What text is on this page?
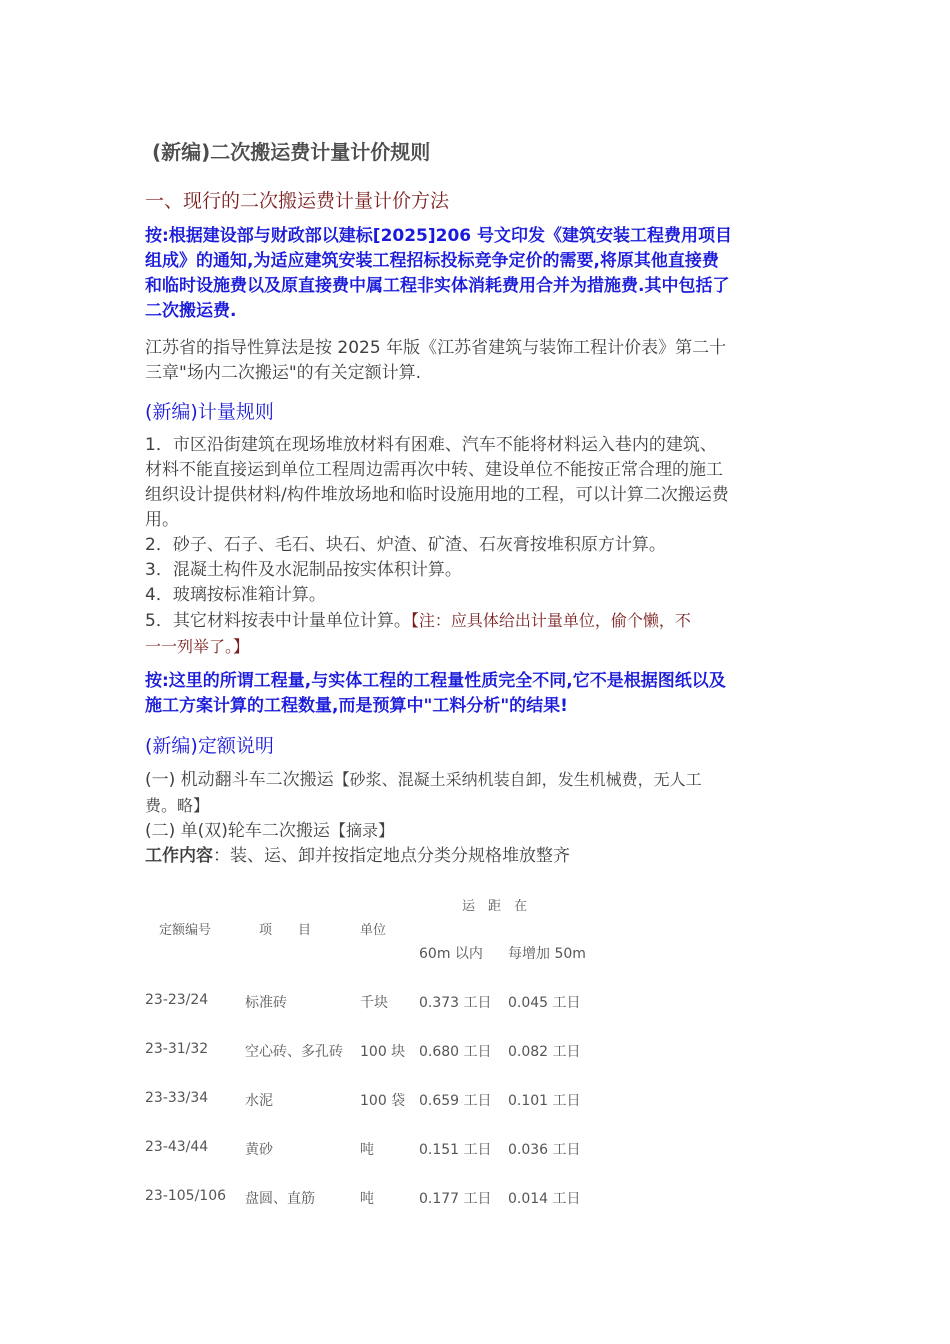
(新编)二次搬运费计量计价规则
一、现行的二次搬运费计量计价方法
按:根据建设部与财政部以建标[2025]206 号文印发《建筑安装工程费用项目
组成》的通知,为适应建筑安装工程招标投标竞争定价的需要,将原其他直接费
和临时设施费以及原直接费中属工程非实体消耗费用合并为措施费.其中包括了
二次搬运费.
江苏省的指导性算法是按 2025 年版《江苏省建筑与装饰工程计价表》第二十
三章"场内二次搬运"的有关定额计算.
(新编)计量规则
1．市区沿街建筑在现场堆放材料有困难、汽车不能将材料运入巷内的建筑、
材料不能直接运到单位工程周边需再次中转、建设单位不能按正常合理的施工
组织设计提供材料/构件堆放场地和临时设施用地的工程，可以计算二次搬运费
用。
2．砂子、石子、毛石、块石、炉渣、矿渣、石灰膏按堆积原方计算。
3．混凝土构件及水泥制品按实体积计算。
4．玻璃按标准箱计算。
5．其它材料按表中计量单位计算。【注：应具体给出计量单位，偷个懒，不
一一列举了。】
按:这里的所谓工程量,与实体工程的工程量性质完全不同,它不是根据图纸以及
施工方案计算的工程数量,而是预算中"工料分析"的结果!
(新编)定额说明
(一) 机动翻斗车二次搬运【砂浆、混凝土采纳机装自卸，发生机械费，无人工
费。略】
(二) 单(双)轮车二次搬运【摘录】
工作内容：装、运、卸并按指定地点分类分规格堆放整齐
运　距　在
定额编号	项　　目	单位
60m 以内 每增加 50m
23-23/24	标准砖	千块 0.373 工日 0.045 工日
23-31/32	空心砖、多孔砖 100 块 0.680 工日 0.082 工日
23-33/34	水泥	100 袋 0.659 工日 0.101 工日
23-43/44	黄砂	吨	0.151 工日 0.036 工日
23-105/106 盘圆、直筋	吨	0.177 工日 0.014 工日
